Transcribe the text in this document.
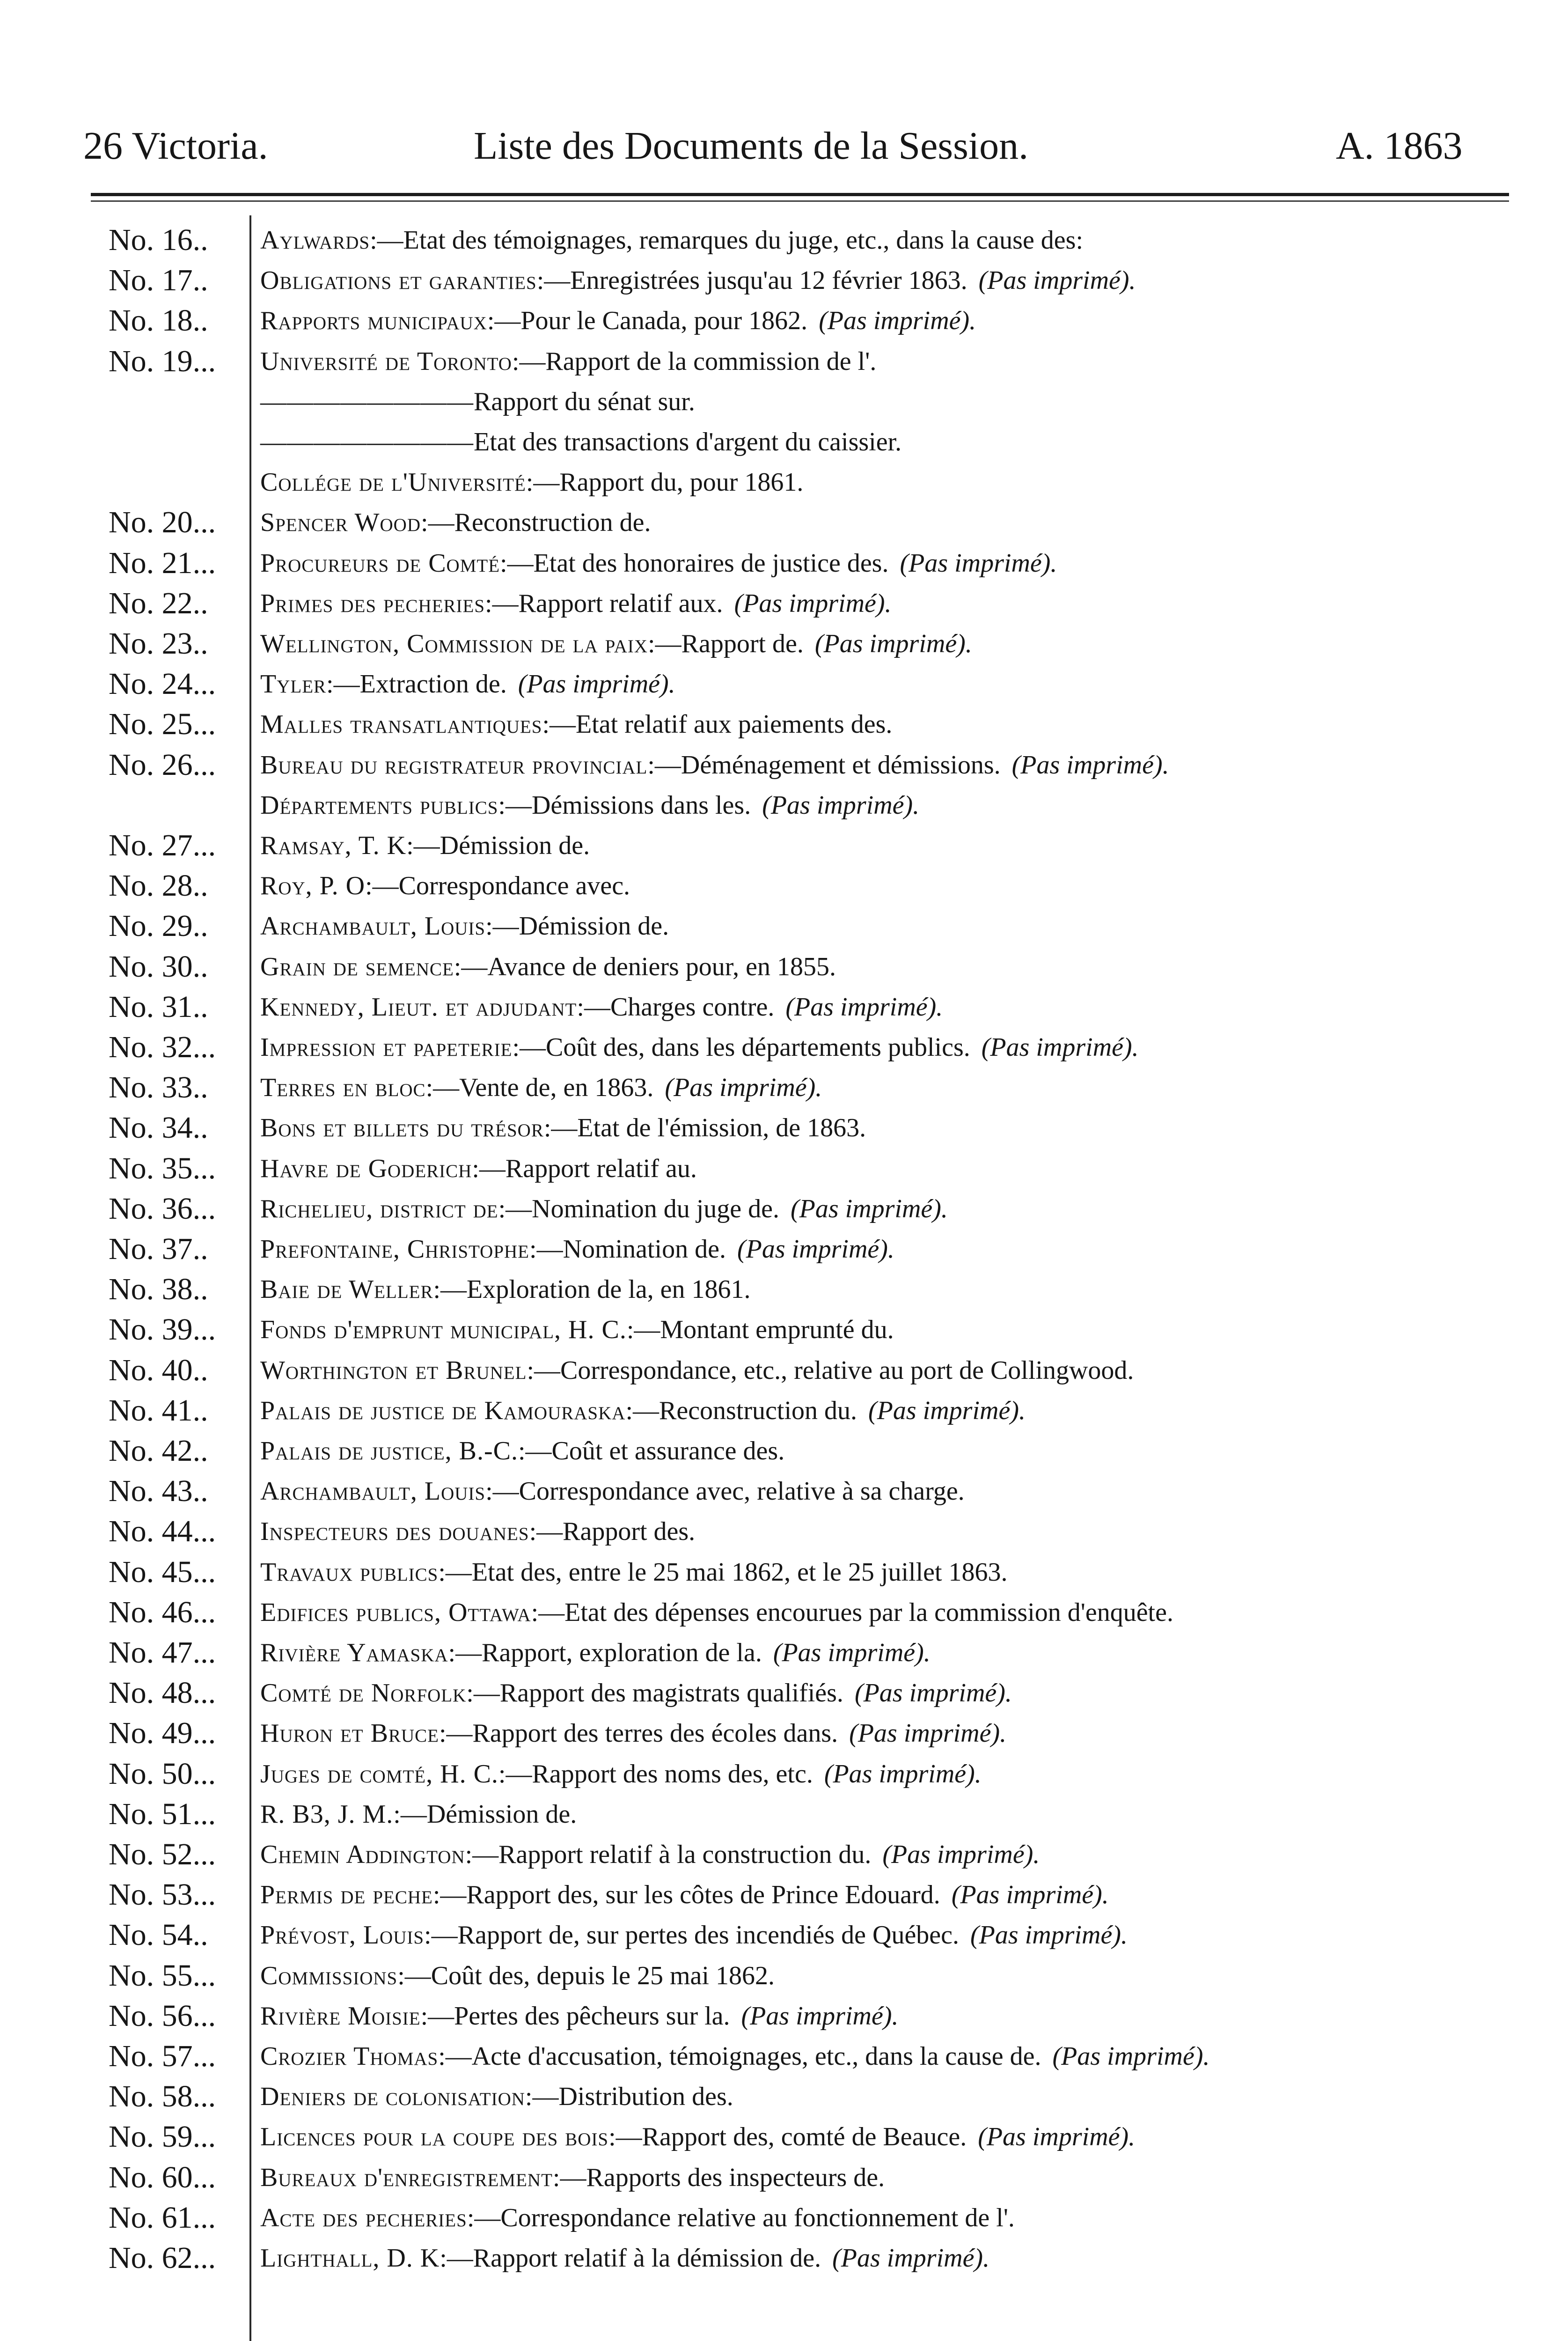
26 Victoria.	Liste des Documents de la Session.	A. 1863
No. 16..	Aylwards:—Etat des témoignages, remarques du juge, etc., dans la cause des:
No. 17..	Obligations et garanties:—Enregistrées jusqu'au 12 février 1863. (Pas imprimé).
No. 18..	Rapports municipaux:—Pour le Canada, pour 1862. (Pas imprimé).
No. 19...	Université de Toronto:—Rapport de la commission de l'.
————————Rapport du sénat sur.
————————Etat des transactions d'argent du caissier.
Collége de l'Université:—Rapport du, pour 1861.
No. 20...	Spencer Wood:—Reconstruction de.
No. 21...	Procureurs de Comté:—Etat des honoraires de justice des. (Pas imprimé).
No. 22..	Primes des pecheries:—Rapport relatif aux. (Pas imprimé).
No. 23..	Wellington, Commission de la paix:—Rapport de. (Pas imprimé).
No. 24...	Tyler:—Extraction de. (Pas imprimé).
No. 25...	Malles transatlantiques:—Etat relatif aux paiements des.
No. 26...	Bureau du registrateur provincial:—Déménagement et démissions. (Pas imprimé).
Départements publics:—Démissions dans les. (Pas imprimé).
No. 27...	Ramsay, T. K:—Démission de.
No. 28..	Roy, P. O:—Correspondance avec.
No. 29..	Archambault, Louis:—Démission de.
No. 30..	Grain de semence:—Avance de deniers pour, en 1855.
No. 31..	Kennedy, Lieut. et adjudant:—Charges contre. (Pas imprimé).
No. 32...	Impression et papeterie:—Coût des, dans les départements publics. (Pas imprimé).
No. 33..	Terres en bloc:—Vente de, en 1863. (Pas imprimé).
No. 34..	Bons et billets du trésor:—Etat de l'émission, de 1863.
No. 35...	Havre de Goderich:—Rapport relatif au.
No. 36...	Richelieu, district de:—Nomination du juge de. (Pas imprimé).
No. 37..	Prefontaine, Christophe:—Nomination de. (Pas imprimé).
No. 38..	Baie de Weller:—Exploration de la, en 1861.
No. 39...	Fonds d'emprunt municipal, H. C.:—Montant emprunté du.
No. 40..	Worthington et Brunel:—Correspondance, etc., relative au port de Collingwood.
No. 41..	Palais de justice de Kamouraska:—Reconstruction du. (Pas imprimé).
No. 42..	Palais de justice, B.-C.:—Coût et assurance des.
No. 43..	Archambault, Louis:—Correspondance avec, relative à sa charge.
No. 44...	Inspecteurs des douanes:—Rapport des.
No. 45...	Travaux publics:—Etat des, entre le 25 mai 1862, et le 25 juillet 1863.
No. 46...	Edifices publics, Ottawa:—Etat des dépenses encourues par la commission d'enquête.
No. 47...	Rivière Yamaska:—Rapport, exploration de la. (Pas imprimé).
No. 48...	Comté de Norfolk:—Rapport des magistrats qualifiés. (Pas imprimé).
No. 49...	Huron et Bruce:—Rapport des terres des écoles dans. (Pas imprimé).
No. 50...	Juges de comté, H. C.:—Rapport des noms des, etc. (Pas imprimé).
No. 51...	R. B3, J. M.:—Démission de.
No. 52...	Chemin Addington:—Rapport relatif à la construction du. (Pas imprimé).
No. 53...	Permis de peche:—Rapport des, sur les côtes de Prince Edouard. (Pas imprimé).
No. 54..	Prévost, Louis:—Rapport de, sur pertes des incendiés de Québec. (Pas imprimé).
No. 55...	Commissions:—Coût des, depuis le 25 mai 1862.
No. 56...	Rivière Moisie:—Pertes des pêcheurs sur la. (Pas imprimé).
No. 57...	Crozier Thomas:—Acte d'accusation, témoignages, etc., dans la cause de. (Pas imprimé).
No. 58...	Deniers de colonisation:—Distribution des.
No. 59...	Licences pour la coupe des bois:—Rapport des, comté de Beauce. (Pas imprimé).
No. 60...	Bureaux d'enregistrement:—Rapports des inspecteurs de.
No. 61...	Acte des pecheries:—Correspondance relative au fonctionnement de l'.
No. 62...	Lighthall, D. K:—Rapport relatif à la démission de. (Pas imprimé).
